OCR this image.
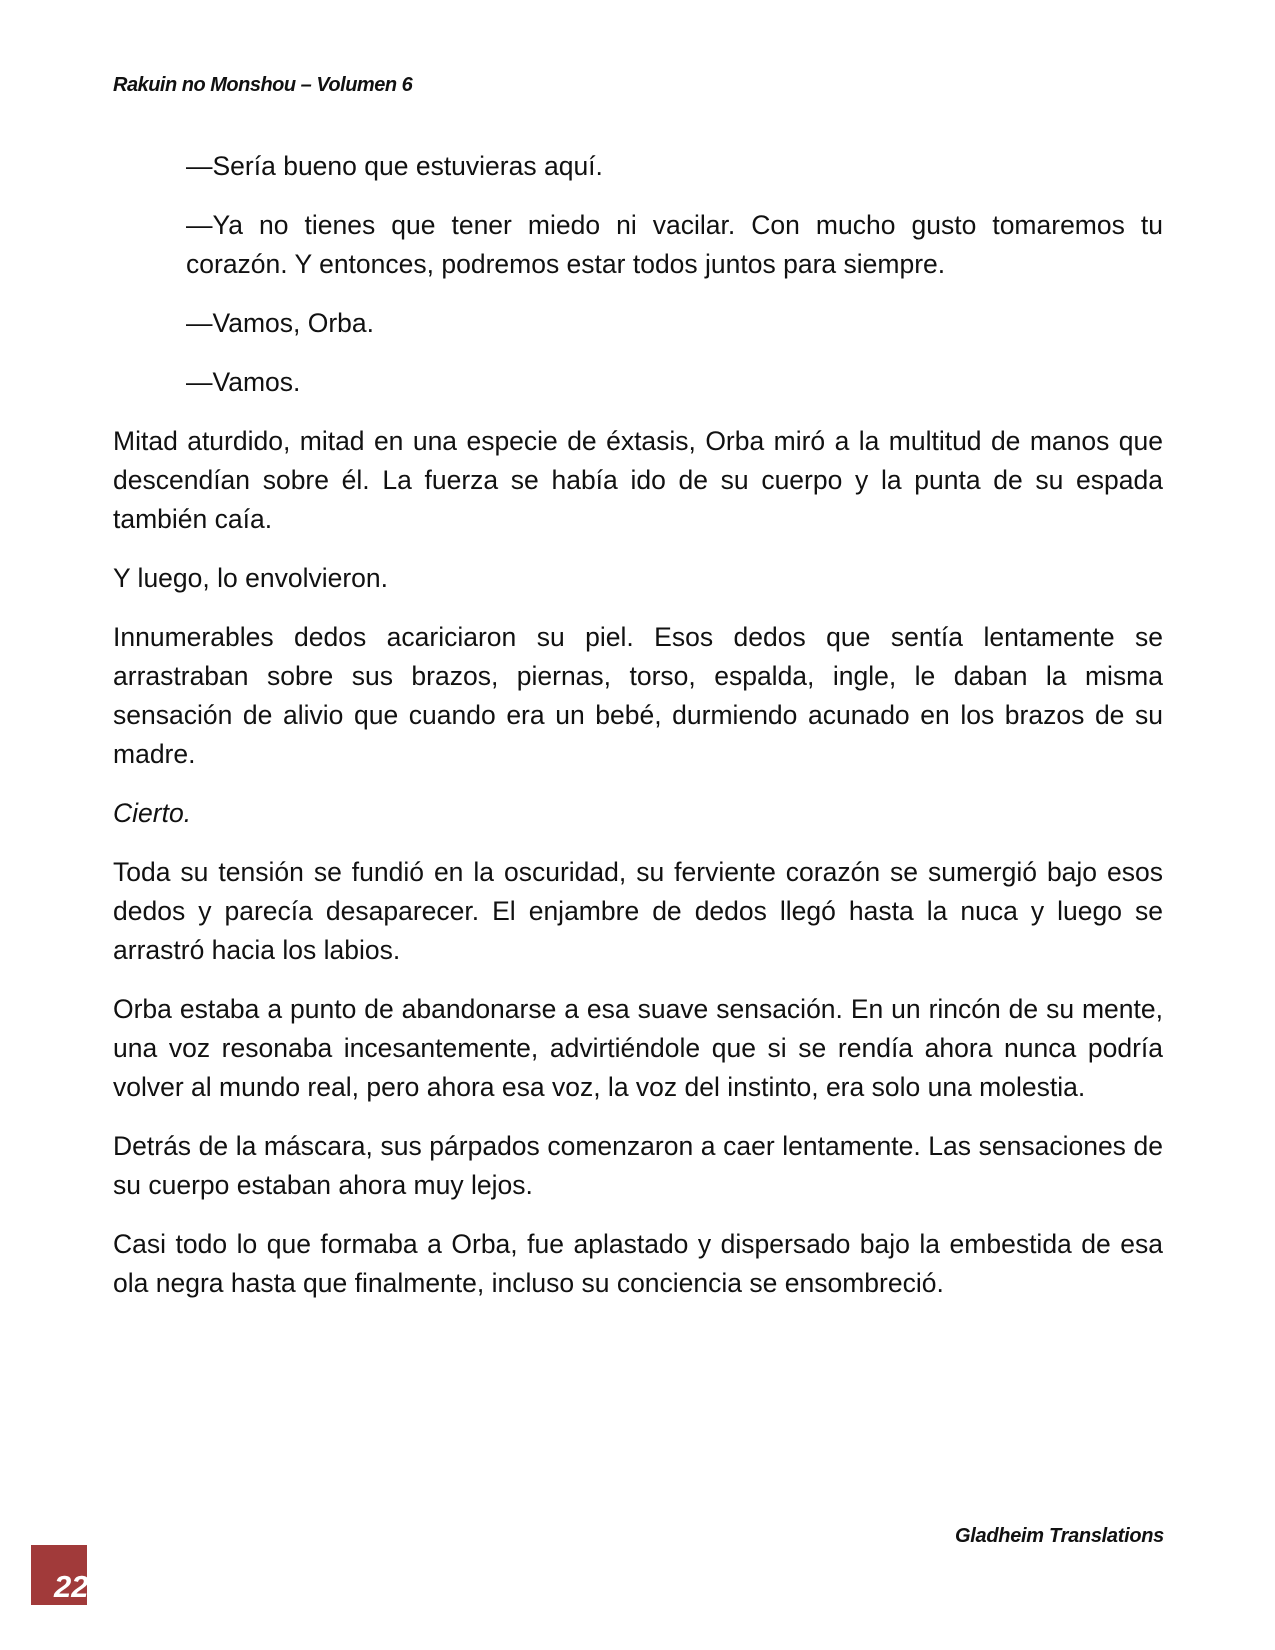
Rakuin no Monshou – Volumen 6

—Sería bueno que estuvieras aquí.

—Ya no tienes que tener miedo ni vacilar. Con mucho gusto tomaremos tu corazón. Y entonces, podremos estar todos juntos para siempre.

—Vamos, Orba.

—Vamos.

Mitad aturdido, mitad en una especie de éxtasis, Orba miró a la multitud de manos que descendían sobre él. La fuerza se había ido de su cuerpo y la punta de su espada también caía.

Y luego, lo envolvieron.

Innumerables dedos acariciaron su piel. Esos dedos que sentía lentamente se arrastraban sobre sus brazos, piernas, torso, espalda, ingle, le daban la misma sensación de alivio que cuando era un bebé, durmiendo acunado en los brazos de su madre.

Cierto.

Toda su tensión se fundió en la oscuridad, su ferviente corazón se sumergió bajo esos dedos y parecía desaparecer. El enjambre de dedos llegó hasta la nuca y luego se arrastró hacia los labios.

Orba estaba a punto de abandonarse a esa suave sensación. En un rincón de su mente, una voz resonaba incesantemente, advirtiéndole que si se rendía ahora nunca podría volver al mundo real, pero ahora esa voz, la voz del instinto, era solo una molestia.

Detrás de la máscara, sus párpados comenzaron a caer lentamente. Las sensaciones de su cuerpo estaban ahora muy lejos.

Casi todo lo que formaba a Orba, fue aplastado y dispersado bajo la embestida de esa ola negra hasta que finalmente, incluso su conciencia se ensombreció.

Gladheim Translations
22
